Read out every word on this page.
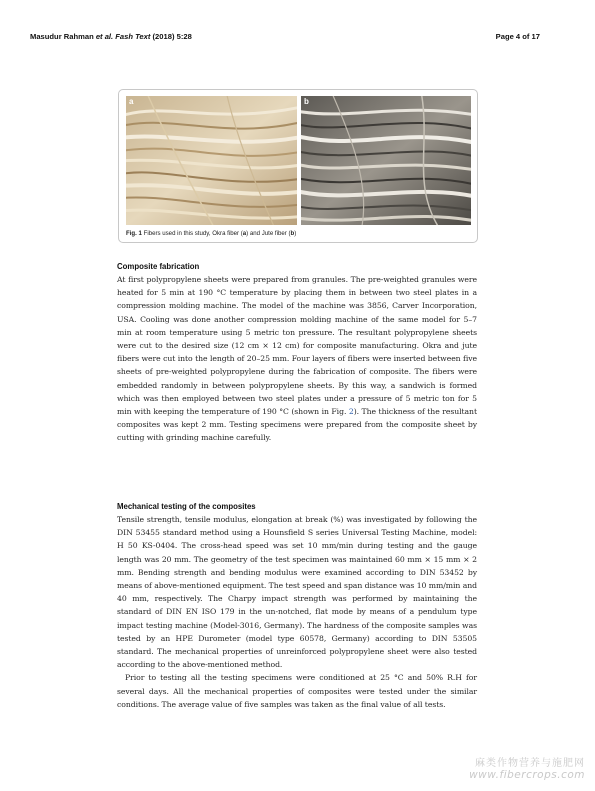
Masudur Rahman et al. Fash Text (2018) 5:28	Page 4 of 17
a	b
Fig. 1 Fibers used in this study, Okra fiber (a) and Jute fiber (b)
Composite fabrication

At first polypropylene sheets were prepared from granules. The pre-weighted granules were heated for 5 min at 190 °C temperature by placing them in between two steel plates in a compression molding machine. The model of the machine was 3856, Carver Incorporation, USA. Cooling was done another compression molding machine of the same model for 5–7 min at room temperature using 5 metric ton pressure. The resultant polypropylene sheets were cut to the desired size (12 cm × 12 cm) for composite manufacturing. Okra and jute fibers were cut into the length of 20–25 mm. Four layers of fibers were inserted between five sheets of pre-weighted polypropylene during the fabrication of composite. The fibers were embedded randomly in between polypropylene sheets. By this way, a sandwich is formed which was then employed between two steel plates under a pressure of 5 metric ton for 5 min with keeping the temperature of 190 °C (shown in Fig. 2). The thickness of the resultant composites was kept 2 mm. Testing specimens were prepared from the composite sheet by cutting with grinding machine carefully.

Mechanical testing of the composites

Tensile strength, tensile modulus, elongation at break (%) was investigated by following the DIN 53455 standard method using a Hounsfield S series Universal Testing Machine, model: H 50 KS-0404. The cross-head speed was set 10 mm/min during testing and the gauge length was 20 mm. The geometry of the test specimen was maintained 60 mm × 15 mm × 2 mm. Bending strength and bending modulus were examined according to DIN 53452 by means of above-mentioned equipment. The test speed and span distance was 10 mm/min and 40 mm, respectively. The Charpy impact strength was performed by maintaining the standard of DIN EN ISO 179 in the un-notched, flat mode by means of a pendulum type impact testing machine (Model-3016, Germany). The hardness of the composite samples was tested by an HPE Durometer (model type 60578, Germany) according to DIN 53505 standard. The mechanical properties of unreinforced polypropylene sheet were also tested according to the above-mentioned method.

Prior to testing all the testing specimens were conditioned at 25 °C and 50% R.H for several days. All the mechanical properties of composites were tested under the similar conditions. The average value of five samples was taken as the final value of all tests.

麻类作物营养与施肥网
www.fibercrops.com
